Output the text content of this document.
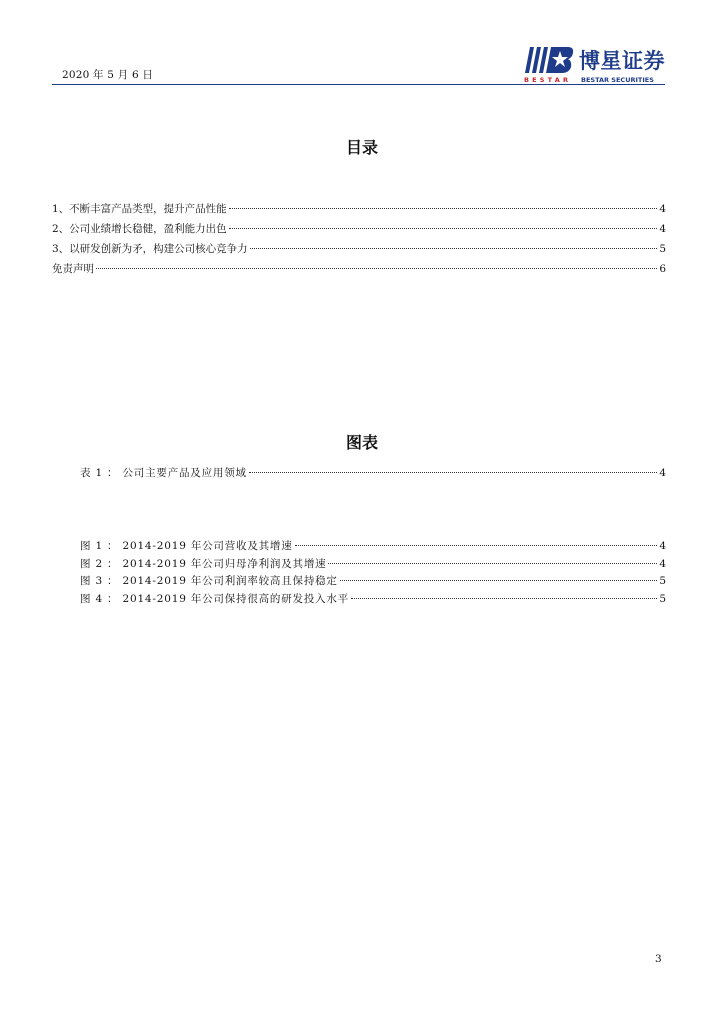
2020 年 5 月 6 日
博星证券
BESTAR BESTAR SECURITIES
目录
1、不断丰富产品类型，提升产品性能	4
2、公司业绩增长稳健，盈利能力出色	4
3、以研发创新为矛，构建公司核心竞争力	5
免责声明	6
图表
表 1 ： 公司主要产品及应用领域	4
图 1 ： 2014-2019 年公司营收及其增速	4
图 2 ： 2014-2019 年公司归母净利润及其增速	4
图 3 ： 2014-2019 年公司利润率较高且保持稳定	5
图 4 ： 2014-2019 年公司保持很高的研发投入水平	5
3
